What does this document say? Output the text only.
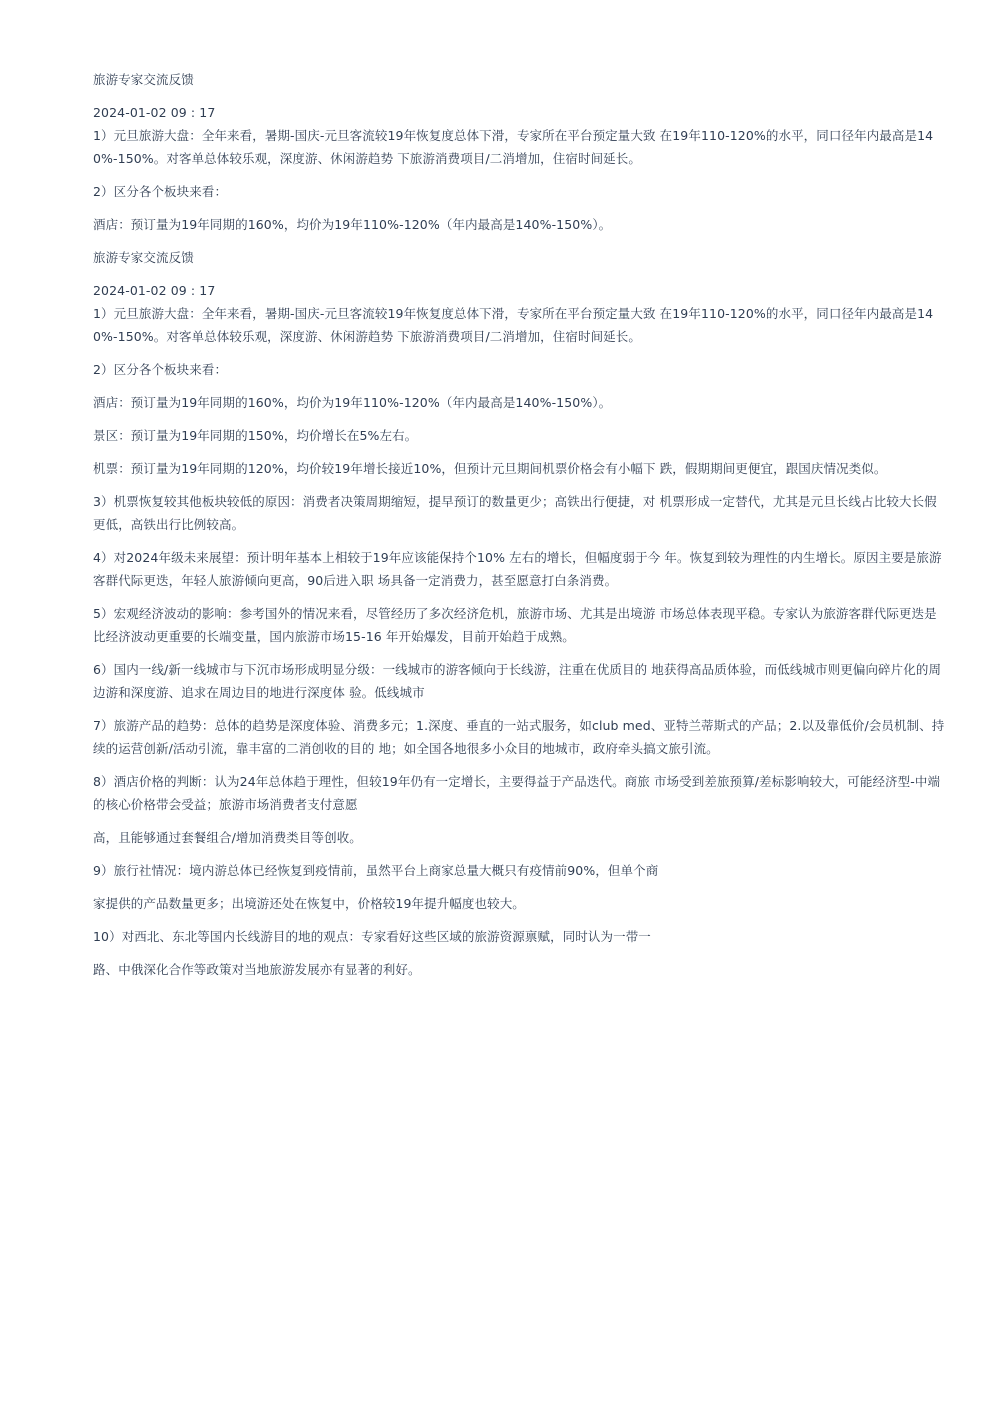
旅游专家交流反馈

2024-01-02 09 : 17

1）元旦旅游大盘：全年来看，暑期-国庆-元旦客流较19年恢复度总体下滑，专家所在平台预定量大致 在19年110-120%的水平，同口径年内最高是140%-150%。对客单总体较乐观，深度游、休闲游趋势 下旅游消费项目/二消增加，住宿时间延长。

2）区分各个板块来看：

酒店：预订量为19年同期的160%，均价为19年110%-120%（年内最高是140%-150%）。

旅游专家交流反馈

2024-01-02 09 : 17

1）元旦旅游大盘：全年来看，暑期-国庆-元旦客流较19年恢复度总体下滑，专家所在平台预定量大致 在19年110-120%的水平，同口径年内最高是140%-150%。对客单总体较乐观，深度游、休闲游趋势 下旅游消费项目/二消增加，住宿时间延长。

2）区分各个板块来看：

酒店：预订量为19年同期的160%，均价为19年110%-120%（年内最高是140%-150%）。

景区：预订量为19年同期的150%，均价增长在5%左右。

机票：预订量为19年同期的120%，均价较19年增长接近10%，但预计元旦期间机票价格会有小幅下 跌，假期期间更便宜，跟国庆情况类似。

3）机票恢复较其他板块较低的原因：消费者决策周期缩短，提早预订的数量更少；高铁出行便捷，对 机票形成一定替代，尤其是元旦长线占比较大长假更低，高铁出行比例较高。

4）对2024年级未来展望：预计明年基本上相较于19年应该能保持个10% 左右的增长，但幅度弱于今 年。恢复到较为理性的内生增长。原因主要是旅游客群代际更迭，年轻人旅游倾向更高，90后进入职 场具备一定消费力，甚至愿意打白条消费。

5）宏观经济波动的影响：参考国外的情况来看，尽管经历了多次经济危机，旅游市场、尤其是出境游 市场总体表现平稳。专家认为旅游客群代际更迭是比经济波动更重要的长端变量，国内旅游市场15-16 年开始爆发，目前开始趋于成熟。

6）国内一线/新一线城市与下沉市场形成明显分级：一线城市的游客倾向于长线游，注重在优质目的 地获得高品质体验，而低线城市则更偏向碎片化的周边游和深度游、追求在周边目的地进行深度体 验。低线城市

7）旅游产品的趋势：总体的趋势是深度体验、消费多元；1.深度、垂直的一站式服务，如club med、亚特兰蒂斯式的产品；2.以及靠低价/会员机制、持续的运营创新/活动引流，靠丰富的二消创收的目的 地；如全国各地很多小众目的地城市，政府牵头搞文旅引流。

8）酒店价格的判断：认为24年总体趋于理性，但较19年仍有一定增长，主要得益于产品迭代。商旅 市场受到差旅预算/差标影响较大，可能经济型-中端的核心价格带会受益；旅游市场消费者支付意愿

高，且能够通过套餐组合/增加消费类目等创收。

9）旅行社情况：境内游总体已经恢复到疫情前，虽然平台上商家总量大概只有疫情前90%，但单个商

家提供的产品数量更多；出境游还处在恢复中，价格较19年提升幅度也较大。

10）对西北、东北等国内长线游目的地的观点：专家看好这些区域的旅游资源禀赋，同时认为一带一

路、中俄深化合作等政策对当地旅游发展亦有显著的利好。
